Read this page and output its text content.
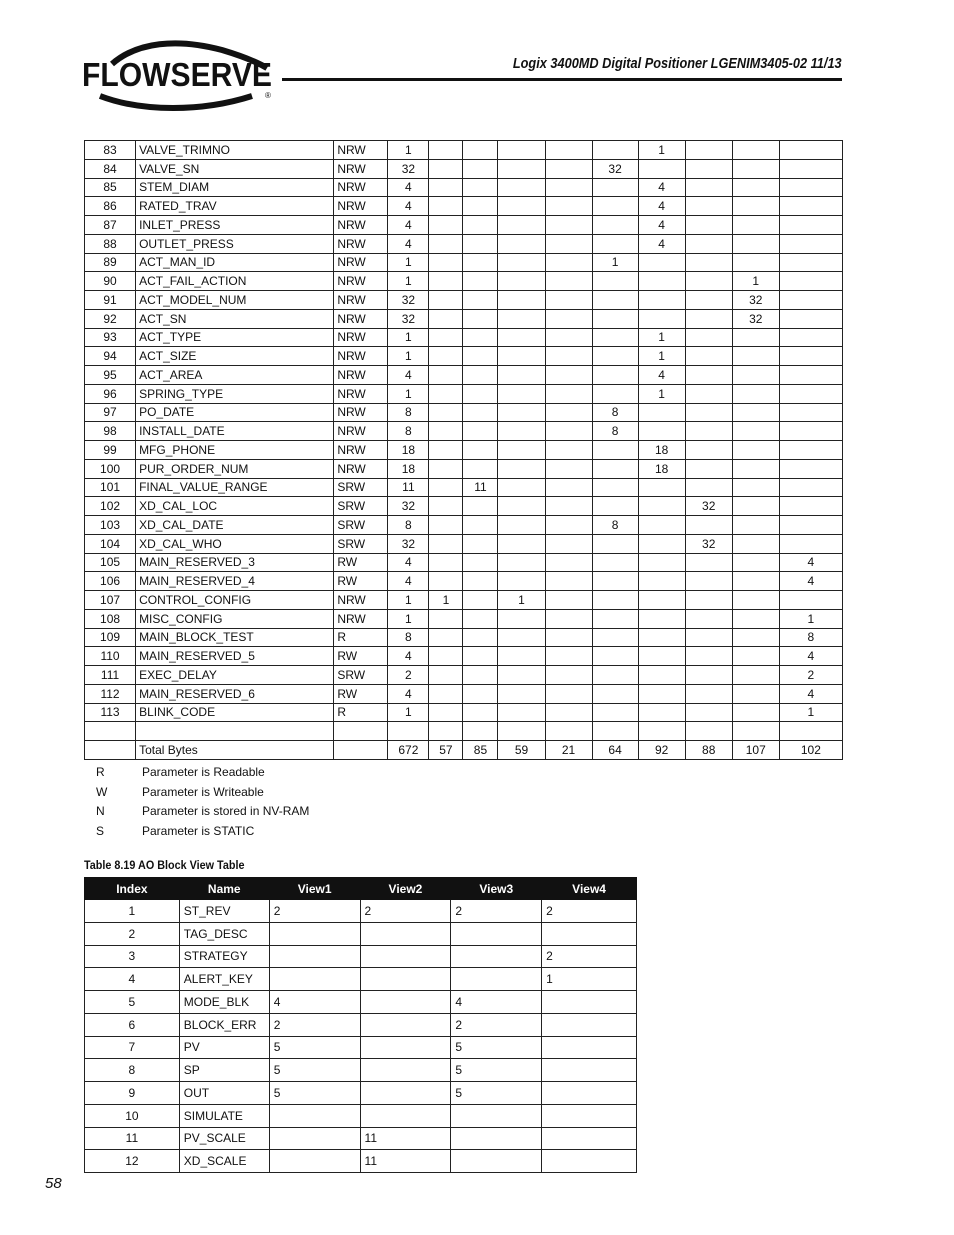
FLOWSERVE
®
Logix 3400MD Digital Positioner LGENIM3405-02 11/13
83	VALVE_TRIMNO	NRW	1						1			
84	VALVE_SN	NRW	32					32				
85	STEM_DIAM	NRW	4						4			
86	RATED_TRAV	NRW	4						4			
87	INLET_PRESS	NRW	4						4			
88	OUTLET_PRESS	NRW	4						4			
89	ACT_MAN_ID	NRW	1					1				
90	ACT_FAIL_ACTION	NRW	1								1	
91	ACT_MODEL_NUM	NRW	32								32	
92	ACT_SN	NRW	32								32	
93	ACT_TYPE	NRW	1						1			
94	ACT_SIZE	NRW	1						1			
95	ACT_AREA	NRW	4						4			
96	SPRING_TYPE	NRW	1						1			
97	PO_DATE	NRW	8					8				
98	INSTALL_DATE	NRW	8					8				
99	MFG_PHONE	NRW	18						18			
100	PUR_ORDER_NUM	NRW	18						18			
101	FINAL_VALUE_RANGE	SRW	11		11							
102	XD_CAL_LOC	SRW	32							32		
103	XD_CAL_DATE	SRW	8					8				
104	XD_CAL_WHO	SRW	32							32		
105	MAIN_RESERVED_3	RW	4									4
106	MAIN_RESERVED_4	RW	4									4
107	CONTROL_CONFIG	NRW	1	1		1						
108	MISC_CONFIG	NRW	1									1
109	MAIN_BLOCK_TEST	R	8									8
110	MAIN_RESERVED_5	RW	4									4
111	EXEC_DELAY	SRW	2									2
112	MAIN_RESERVED_6	RW	4									4
113	BLINK_CODE	R	1									1

	Total Bytes		672	57	85	59	21	64	92	88	107	102
R	Parameter is Readable
W	Parameter is Writeable
N	Parameter is stored in NV-RAM
S	Parameter is STATIC
Table 8.19 AO Block View Table
Index	Name	View1	View2	View3	View4
1	ST_REV	2	2	2	2
2	TAG_DESC				
3	STRATEGY				2
4	ALERT_KEY				1
5	MODE_BLK	4		4	
6	BLOCK_ERR	2		2	
7	PV	5		5	
8	SP	5		5	
9	OUT	5		5	
10	SIMULATE				
11	PV_SCALE		11		
12	XD_SCALE		11		
58
